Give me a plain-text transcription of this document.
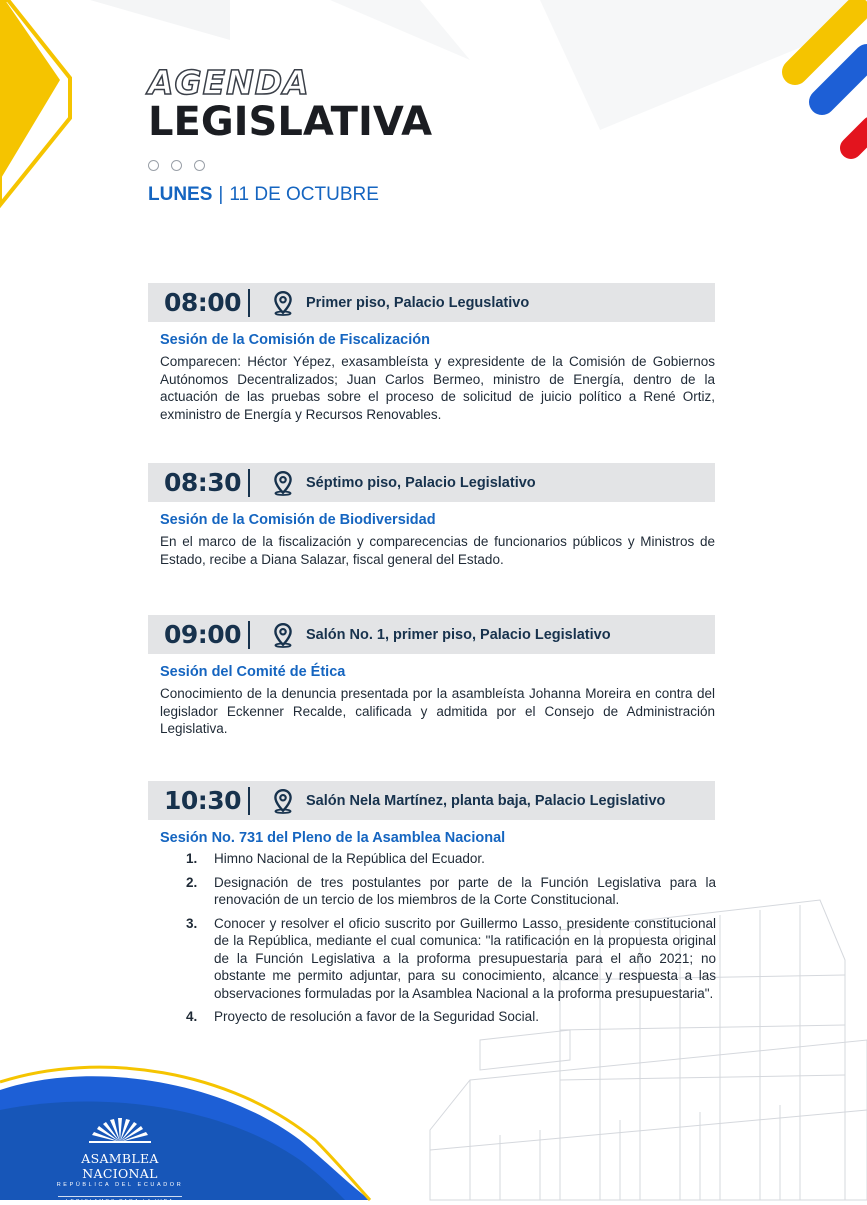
AGENDA
LEGISLATIVA
LUNES | 11 DE OCTUBRE
08:00	Primer piso, Palacio Leguslativo
Sesión de la Comisión de Fiscalización
Comparecen: Héctor Yépez, exasambleísta y expresidente de la Comisión de Gobiernos Autónomos Decentralizados; Juan Carlos Bermeo, ministro de Energía, dentro de la actuación de las pruebas sobre el proceso de solicitud de juicio político a René Ortiz, exministro de Energía y Recursos Renovables.
08:30	Séptimo piso, Palacio Legislativo
Sesión de la Comisión de Biodiversidad
En el marco de la fiscalización y comparecencias de funcionarios públicos y Ministros de Estado, recibe a Diana Salazar, fiscal general del Estado.
09:00	Salón No. 1, primer piso, Palacio Legislativo
Sesión del Comité de Ética
Conocimiento de la denuncia presentada por la asambleísta Johanna Moreira en contra del legislador Eckenner Recalde, calificada y admitida por el Consejo de Administración Legislativa.
10:30	Salón Nela Martínez, planta baja, Palacio Legislativo
Sesión No. 731 del Pleno de la Asamblea Nacional
1.	Himno Nacional de la República del Ecuador.
2.	Designación de tres postulantes por parte de la Función Legislativa para la renovación de un tercio de los miembros de la Corte Constitucional.
3.	Conocer y resolver el oficio suscrito por Guillermo Lasso, presidente constitucional de la República, mediante el cual comunica: "la ratificación en la propuesta original de la Función Legislativa a la proforma presupuestaria para el año 2021; no obstante me permito adjuntar, para su conocimiento, alcance y respuesta a las observaciones formuladas por la Asamblea Nacional a la proforma presupuestaria".
4.	Proyecto de resolución a favor de la Seguridad Social.
ASAMBLEA NACIONAL
REPÚBLICA DEL ECUADOR
LEGISLAMOS PARA LA VIDA
